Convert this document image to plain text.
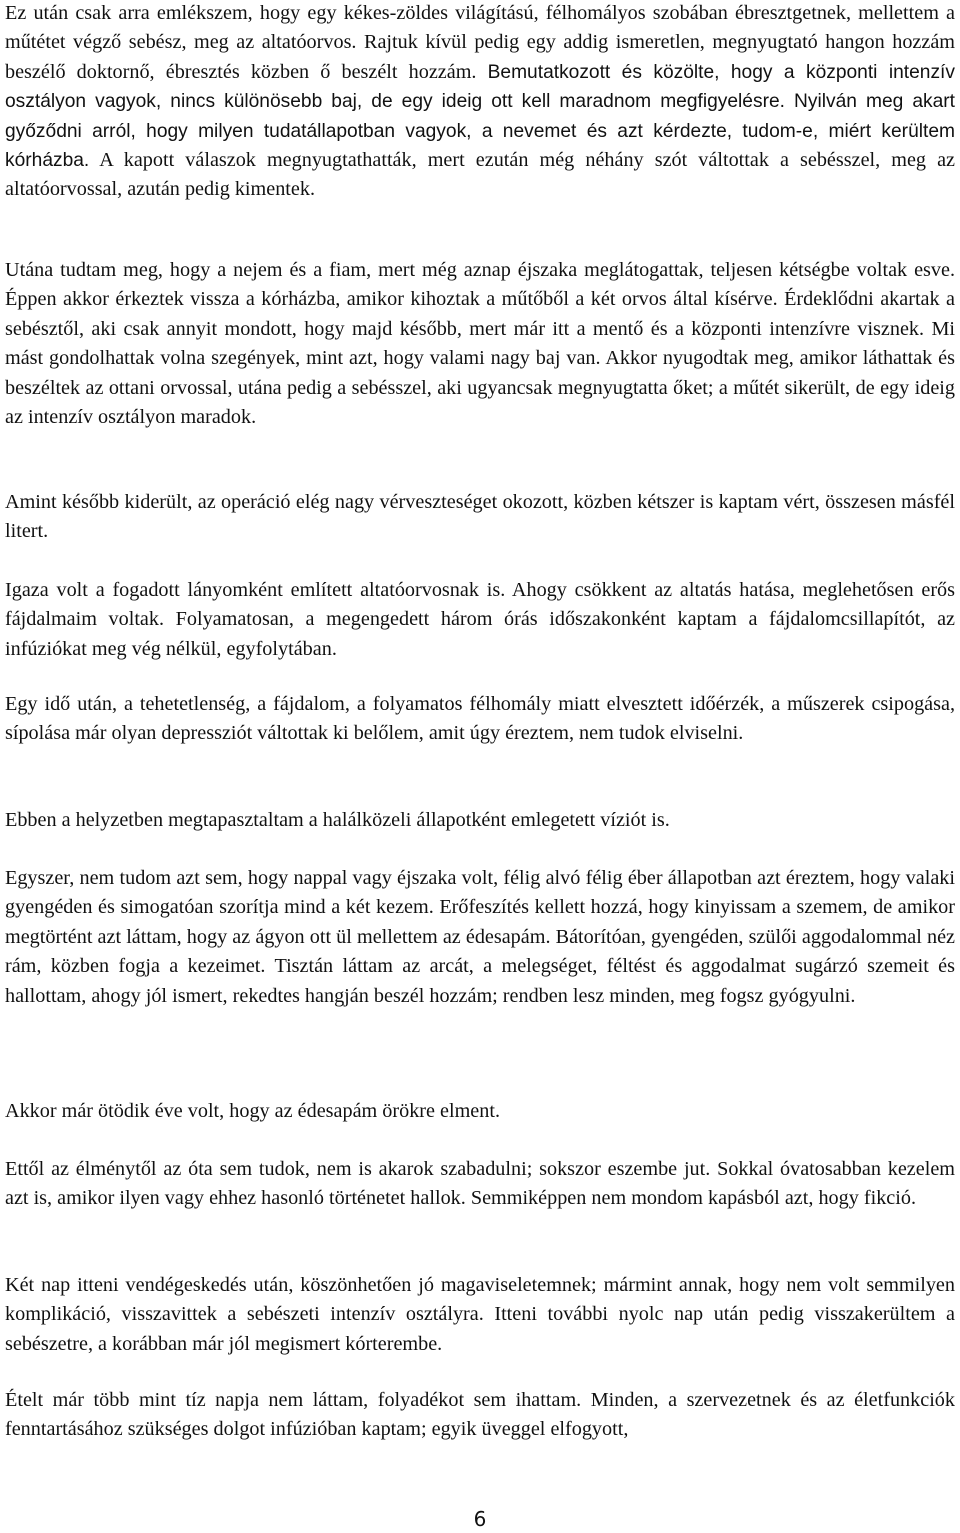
Ez után csak arra emlékszem, hogy egy kékes-zöldes világítású, félhomályos szobában ébresztgetnek, mellettem a műtétet végző sebész, meg az altatóorvos. Rajtuk kívül pedig egy addig ismeretlen, megnyugtató hangon hozzám beszélő doktornő, ébresztés közben ő beszélt hozzám. Bemutatkozott és közölte, hogy a központi intenzív osztályon vagyok, nincs különösebb baj, de egy ideig ott kell maradnom megfigyelésre. Nyilván meg akart győződni arról, hogy milyen tudatállapotban vagyok, a nevemet és azt kérdezte, tudom-e, miért kerültem kórházba. A kapott válaszok megnyugtathatták, mert ezután még néhány szót váltottak a sebésszel, meg az altatóorvossal, azután pedig kimentek.

Utána tudtam meg, hogy a nejem és a fiam, mert még aznap éjszaka meglátogattak, teljesen kétségbe voltak esve. Éppen akkor érkeztek vissza a kórházba, amikor kihoztak a műtőből a két orvos által kísérve. Érdeklődni akartak a sebésztől, aki csak annyit mondott, hogy majd később, mert már itt a mentő és a központi intenzívre visznek. Mi mást gondolhattak volna szegények, mint azt, hogy valami nagy baj van. Akkor nyugodtak meg, amikor láthattak és beszéltek az ottani orvossal, utána pedig a sebésszel, aki ugyancsak megnyugtatta őket; a műtét sikerült, de egy ideig az intenzív osztályon maradok.

Amint később kiderült, az operáció elég nagy vérveszteséget okozott, közben kétszer is kaptam vért, összesen másfél litert.

Igaza volt a fogadott lányomként említett altatóorvosnak is. Ahogy csökkent az altatás hatása, meglehetősen erős fájdalmaim voltak. Folyamatosan, a megengedett három órás időszakonként kaptam a fájdalomcsillapítót, az infúziókat meg vég nélkül, egyfolytában.

Egy idő után, a tehetetlenség, a fájdalom, a folyamatos félhomály miatt elvesztett időérzék, a műszerek csipogása, sípolása már olyan depressziót váltottak ki belőlem, amit úgy éreztem, nem tudok elviselni.

Ebben a helyzetben megtapasztaltam a halálközeli állapotként emlegetett víziót is.

Egyszer, nem tudom azt sem, hogy nappal vagy éjszaka volt, félig alvó félig éber állapotban azt éreztem, hogy valaki gyengéden és simogatóan szorítja mind a két kezem. Erőfeszítés kellett hozzá, hogy kinyissam a szemem, de amikor megtörtént azt láttam, hogy az ágyon ott ül mellettem az édesapám. Bátorítóan, gyengéden, szülői aggodalommal néz rám, közben fogja a kezeimet. Tisztán láttam az arcát, a melegséget, féltést és aggodalmat sugárzó szemeit és hallottam, ahogy jól ismert, rekedtes hangján beszél hozzám; rendben lesz minden, meg fogsz gyógyulni.

Akkor már ötödik éve volt, hogy az édesapám örökre elment.

Ettől az élménytől az óta sem tudok, nem is akarok szabadulni; sokszor eszembe jut. Sokkal óvatosabban kezelem azt is, amikor ilyen vagy ehhez hasonló történetet hallok. Semmiképpen nem mondom kapásból azt, hogy fikció.

Két nap itteni vendégeskedés után, köszönhetően jó magaviseletemnek; mármint annak, hogy nem volt semmilyen komplikáció, visszavittek a sebészeti intenzív osztályra. Itteni további nyolc nap után pedig visszakerültem a sebészetre, a korábban már jól megismert kórterembe.

Ételt már több mint tíz napja nem láttam, folyadékot sem ihattam. Minden, a szervezetnek és az életfunkciók fenntartásához szükséges dolgot infúzióban kaptam; egyik üveggel elfogyott,

6
